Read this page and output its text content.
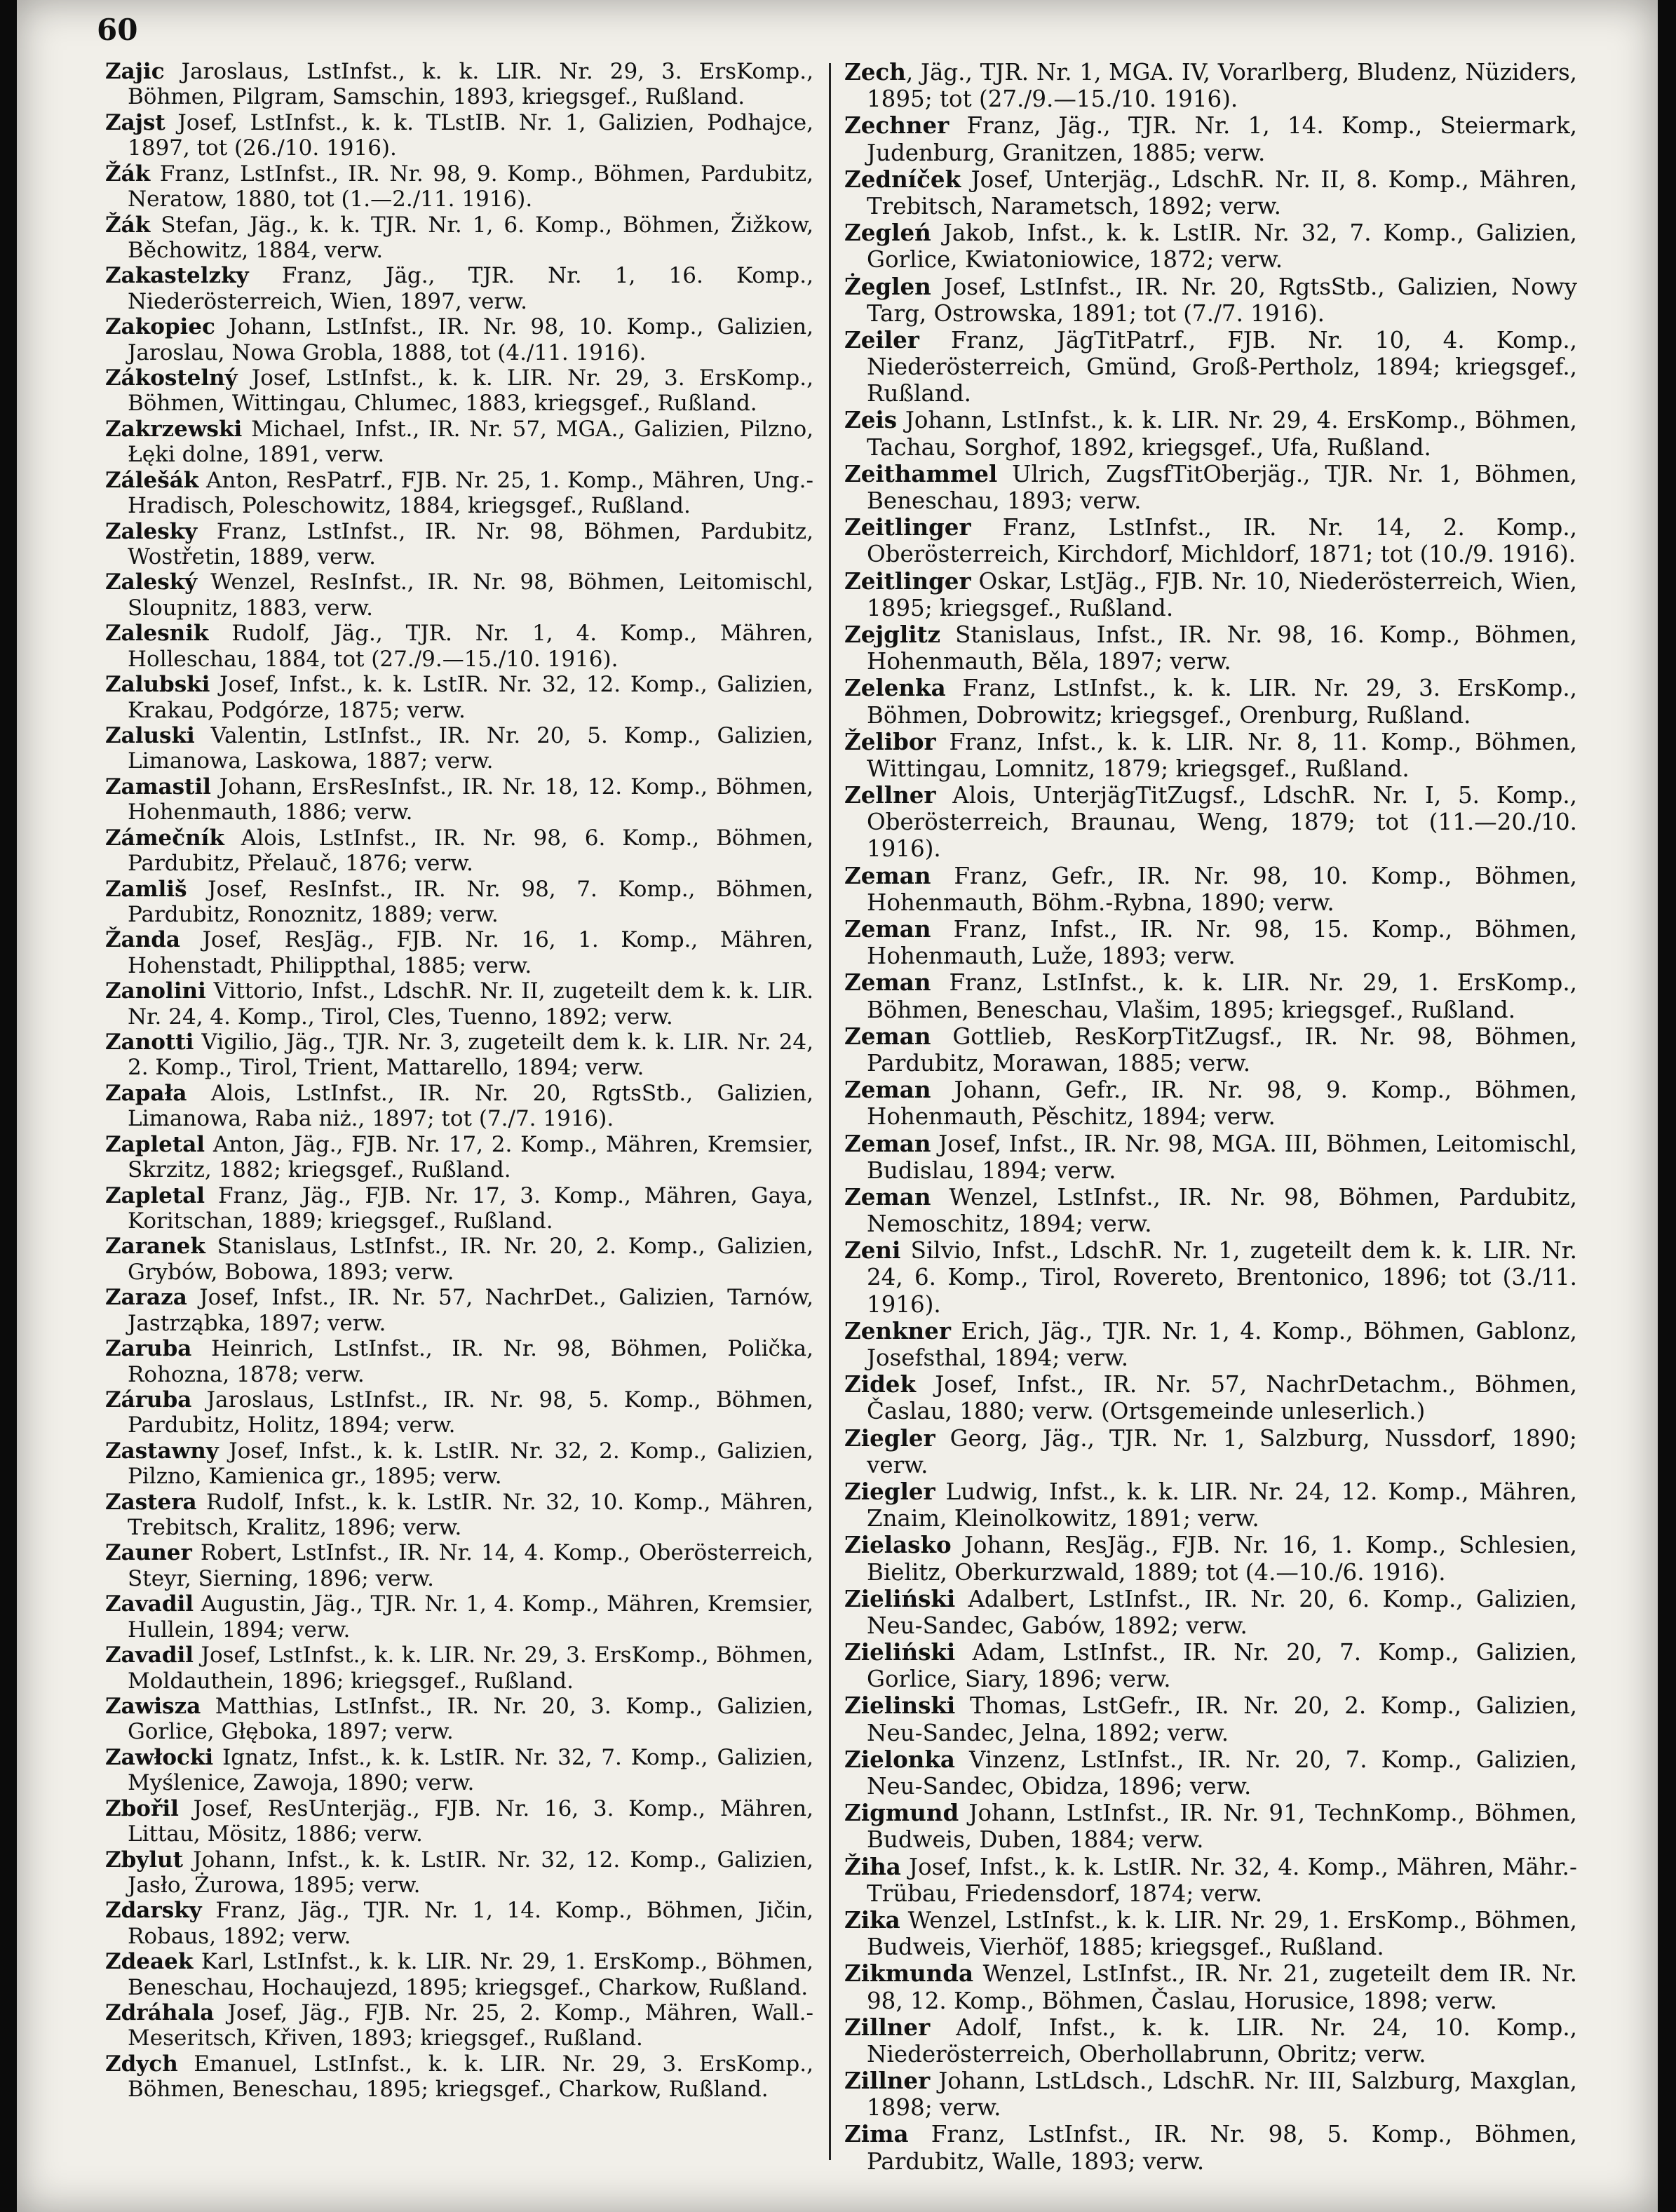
60
Zajic Jaroslaus, LstInfst., k. k. LIR. Nr. 29, 3. ErsKomp., Böhmen, Pilgram, Samschin, 1893, kriegsgef., Rußland.
Zajst Josef, LstInfst., k. k. TLstIB. Nr. 1, Galizien, Podhajce, 1897, tot (26./10. 1916).
Žák Franz, LstInfst., IR. Nr. 98, 9. Komp., Böhmen, Pardubitz, Neratow, 1880, tot (1.—2./11. 1916).
Žák Stefan, Jäg., k. k. TJR. Nr. 1, 6. Komp., Böhmen, Žižkow, Běchowitz, 1884, verw.
Zakastelzky Franz, Jäg., TJR. Nr. 1, 16. Komp., Niederösterreich, Wien, 1897, verw.
Zakopiec Johann, LstInfst., IR. Nr. 98, 10. Komp., Galizien, Jaroslau, Nowa Grobla, 1888, tot (4./11. 1916).
Zákostelný Josef, LstInfst., k. k. LIR. Nr. 29, 3. ErsKomp., Böhmen, Wittingau, Chlumec, 1883, kriegsgef., Rußland.
Zakrzewski Michael, Infst., IR. Nr. 57, MGA., Galizien, Pilzno, Łęki dolne, 1891, verw.
Zálešák Anton, ResPatrf., FJB. Nr. 25, 1. Komp., Mähren, Ung.-Hradisch, Poleschowitz, 1884, kriegsgef., Rußland.
Zalesky Franz, LstInfst., IR. Nr. 98, Böhmen, Pardubitz, Wostřetin, 1889, verw.
Zaleský Wenzel, ResInfst., IR. Nr. 98, Böhmen, Leitomischl, Sloupnitz, 1883, verw.
Zalesnik Rudolf, Jäg., TJR. Nr. 1, 4. Komp., Mähren, Holleschau, 1884, tot (27./9.—15./10. 1916).
Zalubski Josef, Infst., k. k. LstIR. Nr. 32, 12. Komp., Galizien, Krakau, Podgórze, 1875; verw.
Zaluski Valentin, LstInfst., IR. Nr. 20, 5. Komp., Galizien, Limanowa, Laskowa, 1887; verw.
Zamastil Johann, ErsResInfst., IR. Nr. 18, 12. Komp., Böhmen, Hohenmauth, 1886; verw.
Zámečník Alois, LstInfst., IR. Nr. 98, 6. Komp., Böhmen, Pardubitz, Přelauč, 1876; verw.
Zamliš Josef, ResInfst., IR. Nr. 98, 7. Komp., Böhmen, Pardubitz, Ronoznitz, 1889; verw.
Žanda Josef, ResJäg., FJB. Nr. 16, 1. Komp., Mähren, Hohenstadt, Philippthal, 1885; verw.
Zanolini Vittorio, Infst., LdschR. Nr. II, zugeteilt dem k. k. LIR. Nr. 24, 4. Komp., Tirol, Cles, Tuenno, 1892; verw.
Zanotti Vigilio, Jäg., TJR. Nr. 3, zugeteilt dem k. k. LIR. Nr. 24, 2. Komp., Tirol, Trient, Mattarello, 1894; verw.
Zapała Alois, LstInfst., IR. Nr. 20, RgtsStb., Galizien, Limanowa, Raba niż., 1897; tot (7./7. 1916).
Zapletal Anton, Jäg., FJB. Nr. 17, 2. Komp., Mähren, Kremsier, Skrzitz, 1882; kriegsgef., Rußland.
Zapletal Franz, Jäg., FJB. Nr. 17, 3. Komp., Mähren, Gaya, Koritschan, 1889; kriegsgef., Rußland.
Zaranek Stanislaus, LstInfst., IR. Nr. 20, 2. Komp., Galizien, Grybów, Bobowa, 1893; verw.
Zaraza Josef, Infst., IR. Nr. 57, NachrDet., Galizien, Tarnów, Jastrząbka, 1897; verw.
Zaruba Heinrich, LstInfst., IR. Nr. 98, Böhmen, Polička, Rohozna, 1878; verw.
Záruba Jaroslaus, LstInfst., IR. Nr. 98, 5. Komp., Böhmen, Pardubitz, Holitz, 1894; verw.
Zastawny Josef, Infst., k. k. LstIR. Nr. 32, 2. Komp., Galizien, Pilzno, Kamienica gr., 1895; verw.
Zastera Rudolf, Infst., k. k. LstIR. Nr. 32, 10. Komp., Mähren, Trebitsch, Kralitz, 1896; verw.
Zauner Robert, LstInfst., IR. Nr. 14, 4. Komp., Oberösterreich, Steyr, Sierning, 1896; verw.
Zavadil Augustin, Jäg., TJR. Nr. 1, 4. Komp., Mähren, Kremsier, Hullein, 1894; verw.
Zavadil Josef, LstInfst., k. k. LIR. Nr. 29, 3. ErsKomp., Böhmen, Moldauthein, 1896; kriegsgef., Rußland.
Zawisza Matthias, LstInfst., IR. Nr. 20, 3. Komp., Galizien, Gorlice, Głęboka, 1897; verw.
Zawłocki Ignatz, Infst., k. k. LstIR. Nr. 32, 7. Komp., Galizien, Myślenice, Zawoja, 1890; verw.
Zbořil Josef, ResUnterjäg., FJB. Nr. 16, 3. Komp., Mähren, Littau, Mösitz, 1886; verw.
Zbylut Johann, Infst., k. k. LstIR. Nr. 32, 12. Komp., Galizien, Jasło, Żurowa, 1895; verw.
Zdarsky Franz, Jäg., TJR. Nr. 1, 14. Komp., Böhmen, Jičin, Robaus, 1892; verw.
Zdeaek Karl, LstInfst., k. k. LIR. Nr. 29, 1. ErsKomp., Böhmen, Beneschau, Hochaujezd, 1895; kriegsgef., Charkow, Rußland.
Zdráhala Josef, Jäg., FJB. Nr. 25, 2. Komp., Mähren, Wall.-Meseritsch, Křiven, 1893; kriegsgef., Rußland.
Zdych Emanuel, LstInfst., k. k. LIR. Nr. 29, 3. ErsKomp., Böhmen, Beneschau, 1895; kriegsgef., Charkow, Rußland.
Zech, Jäg., TJR. Nr. 1, MGA. IV, Vorarlberg, Bludenz, Nüziders, 1895; tot (27./9.—15./10. 1916).
Zechner Franz, Jäg., TJR. Nr. 1, 14. Komp., Steiermark, Judenburg, Granitzen, 1885; verw.
Zedníček Josef, Unterjäg., LdschR. Nr. II, 8. Komp., Mähren, Trebitsch, Narametsch, 1892; verw.
Zegleń Jakob, Infst., k. k. LstIR. Nr. 32, 7. Komp., Galizien, Gorlice, Kwiatoniowice, 1872; verw.
Żeglen Josef, LstInfst., IR. Nr. 20, RgtsStb., Galizien, Nowy Targ, Ostrowska, 1891; tot (7./7. 1916).
Zeiler Franz, JägTitPatrf., FJB. Nr. 10, 4. Komp., Niederösterreich, Gmünd, Groß-Pertholz, 1894; kriegsgef., Rußland.
Zeis Johann, LstInfst., k. k. LIR. Nr. 29, 4. ErsKomp., Böhmen, Tachau, Sorghof, 1892, kriegsgef., Ufa, Rußland.
Zeithammel Ulrich, ZugsfTitOberjäg., TJR. Nr. 1, Böhmen, Beneschau, 1893; verw.
Zeitlinger Franz, LstInfst., IR. Nr. 14, 2. Komp., Oberösterreich, Kirchdorf, Michldorf, 1871; tot (10./9. 1916).
Zeitlinger Oskar, LstJäg., FJB. Nr. 10, Niederösterreich, Wien, 1895; kriegsgef., Rußland.
Zejglitz Stanislaus, Infst., IR. Nr. 98, 16. Komp., Böhmen, Hohenmauth, Běla, 1897; verw.
Zelenka Franz, LstInfst., k. k. LIR. Nr. 29, 3. ErsKomp., Böhmen, Dobrowitz; kriegsgef., Orenburg, Rußland.
Želibor Franz, Infst., k. k. LIR. Nr. 8, 11. Komp., Böhmen, Wittingau, Lomnitz, 1879; kriegsgef., Rußland.
Zellner Alois, UnterjägTitZugsf., LdschR. Nr. I, 5. Komp., Oberösterreich, Braunau, Weng, 1879; tot (11.—20./10. 1916).
Zeman Franz, Gefr., IR. Nr. 98, 10. Komp., Böhmen, Hohenmauth, Böhm.-Rybna, 1890; verw.
Zeman Franz, Infst., IR. Nr. 98, 15. Komp., Böhmen, Hohenmauth, Luže, 1893; verw.
Zeman Franz, LstInfst., k. k. LIR. Nr. 29, 1. ErsKomp., Böhmen, Beneschau, Vlašim, 1895; kriegsgef., Rußland.
Zeman Gottlieb, ResKorpTitZugsf., IR. Nr. 98, Böhmen, Pardubitz, Morawan, 1885; verw.
Zeman Johann, Gefr., IR. Nr. 98, 9. Komp., Böhmen, Hohenmauth, Pěschitz, 1894; verw.
Zeman Josef, Infst., IR. Nr. 98, MGA. III, Böhmen, Leitomischl, Budislau, 1894; verw.
Zeman Wenzel, LstInfst., IR. Nr. 98, Böhmen, Pardubitz, Nemoschitz, 1894; verw.
Zeni Silvio, Infst., LdschR. Nr. 1, zugeteilt dem k. k. LIR. Nr. 24, 6. Komp., Tirol, Rovereto, Brentonico, 1896; tot (3./11. 1916).
Zenkner Erich, Jäg., TJR. Nr. 1, 4. Komp., Böhmen, Gablonz, Josefsthal, 1894; verw.
Zidek Josef, Infst., IR. Nr. 57, NachrDetachm., Böhmen, Časlau, 1880; verw. (Ortsgemeinde unleserlich.)
Ziegler Georg, Jäg., TJR. Nr. 1, Salzburg, Nussdorf, 1890; verw.
Ziegler Ludwig, Infst., k. k. LIR. Nr. 24, 12. Komp., Mähren, Znaim, Kleinolkowitz, 1891; verw.
Zielasko Johann, ResJäg., FJB. Nr. 16, 1. Komp., Schlesien, Bielitz, Oberkurzwald, 1889; tot (4.—10./6. 1916).
Zieliński Adalbert, LstInfst., IR. Nr. 20, 6. Komp., Galizien, Neu-Sandec, Gabów, 1892; verw.
Zieliński Adam, LstInfst., IR. Nr. 20, 7. Komp., Galizien, Gorlice, Siary, 1896; verw.
Zielinski Thomas, LstGefr., IR. Nr. 20, 2. Komp., Galizien, Neu-Sandec, Jelna, 1892; verw.
Zielonka Vinzenz, LstInfst., IR. Nr. 20, 7. Komp., Galizien, Neu-Sandec, Obidza, 1896; verw.
Zigmund Johann, LstInfst., IR. Nr. 91, TechnKomp., Böhmen, Budweis, Duben, 1884; verw.
Žiha Josef, Infst., k. k. LstIR. Nr. 32, 4. Komp., Mähren, Mähr.-Trübau, Friedensdorf, 1874; verw.
Zika Wenzel, LstInfst., k. k. LIR. Nr. 29, 1. ErsKomp., Böhmen, Budweis, Vierhöf, 1885; kriegsgef., Rußland.
Zikmunda Wenzel, LstInfst., IR. Nr. 21, zugeteilt dem IR. Nr. 98, 12. Komp., Böhmen, Časlau, Horusice, 1898; verw.
Zillner Adolf, Infst., k. k. LIR. Nr. 24, 10. Komp., Niederösterreich, Oberhollabrunn, Obritz; verw.
Zillner Johann, LstLdsch., LdschR. Nr. III, Salzburg, Maxglan, 1898; verw.
Zima Franz, LstInfst., IR. Nr. 98, 5. Komp., Böhmen, Pardubitz, Walle, 1893; verw.
